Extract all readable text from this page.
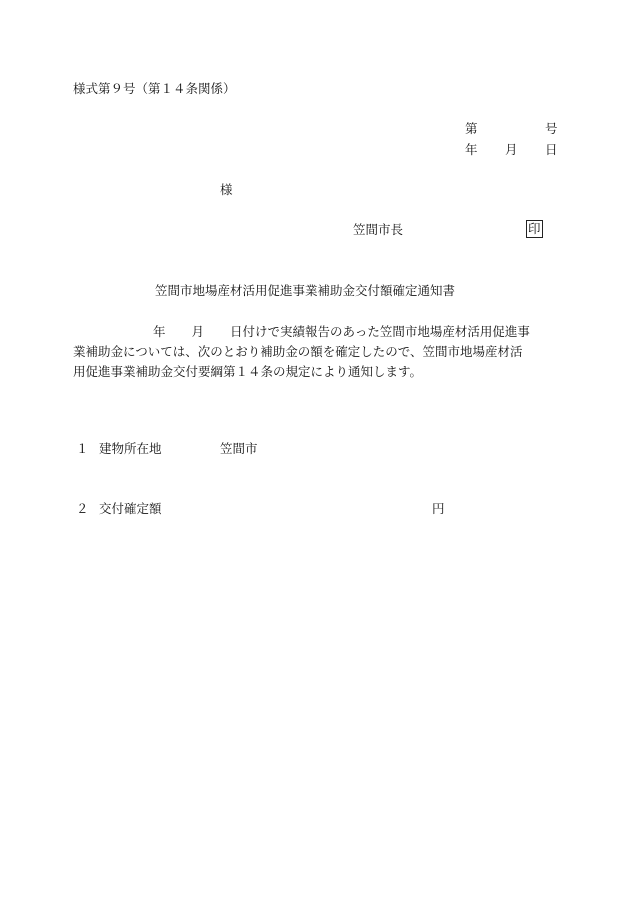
様式第９号（第１４条関係）
第	号
年 月 日
様
笠間市長	印
笠間市地場産材活用促進事業補助金交付額確定通知書
年 月 日付けで実績報告のあった笠間市地場産材活用促進事
業補助金については、次のとおり補助金の額を確定したので、笠間市地場産材活
用促進事業補助金交付要綱第１４条の規定により通知します。
１ 建物所在地	笠間市
２ 交付確定額	円
